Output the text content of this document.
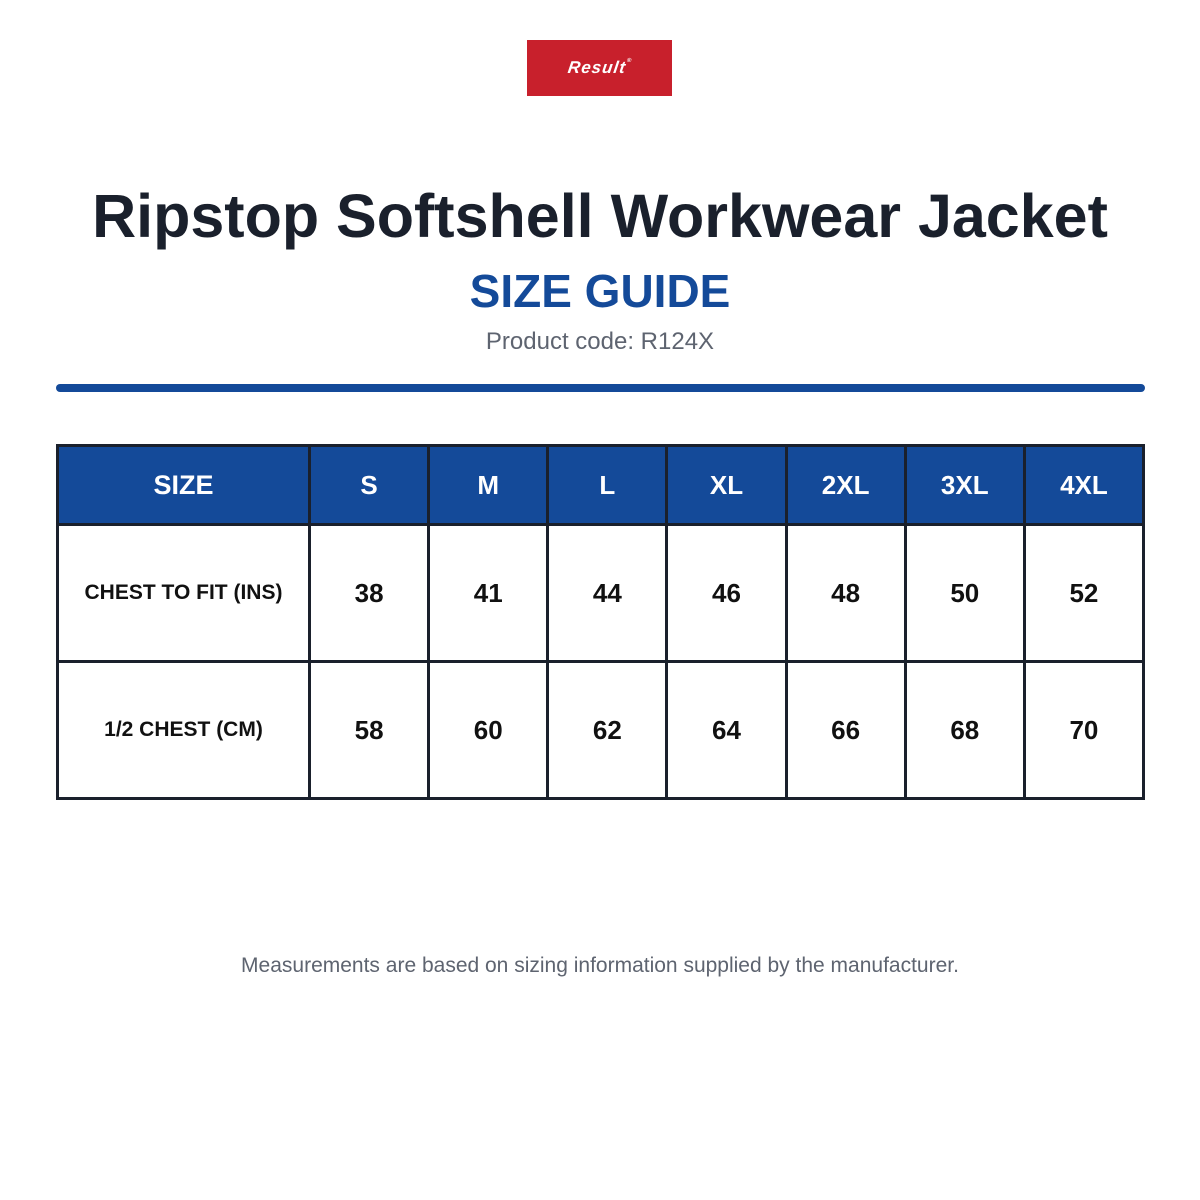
Result®
Ripstop Softshell Workwear Jacket
SIZE GUIDE
Product code: R124X
SIZE	S	M	L	XL	2XL	3XL	4XL
CHEST TO FIT (INS)	38	41	44	46	48	50	52
1/2 CHEST (CM)	58	60	62	64	66	68	70
Measurements are based on sizing information supplied by the manufacturer.
